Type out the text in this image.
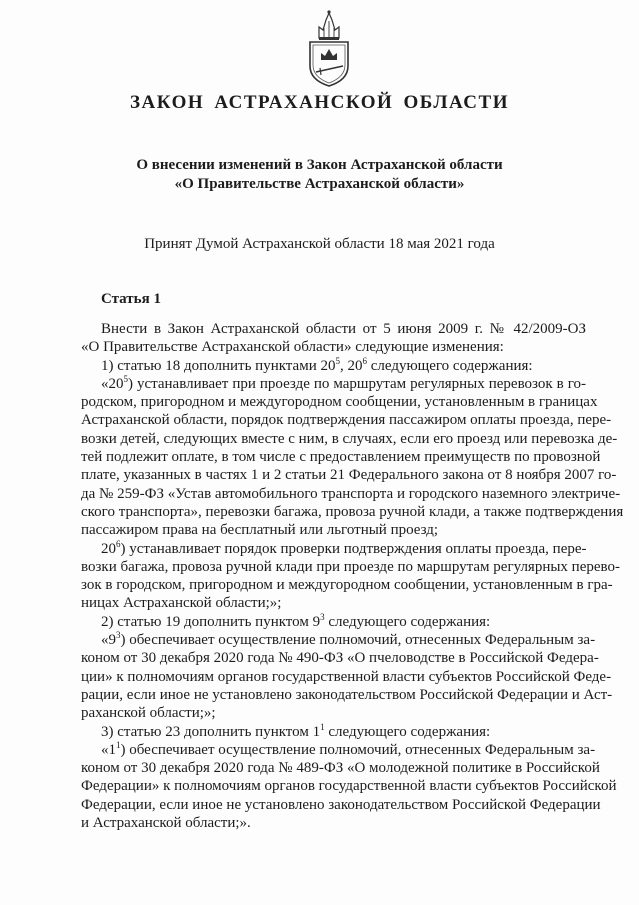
ЗАКОН АСТРАХАНСКОЙ ОБЛАСТИ
О внесении изменений в Закон Астраханской области
«О Правительстве Астраханской области»
Принят Думой Астраханской области 18 мая 2021 года
Статья 1
Внести в Закон Астраханской области от 5 июня 2009 г. № 42/2009-ОЗ
«О Правительстве Астраханской области» следующие изменения:
1) статью 18 дополнить пунктами $20^5$, $20^6$ следующего содержания:
«$20^5$) устанавливает при проезде по маршрутам регулярных перевозок в го-
родском, пригородном и междугородном сообщении, установленным в границах
Астраханской области, порядок подтверждения пассажиром оплаты проезда, пере-
возки детей, следующих вместе с ним, в случаях, если его проезд или перевозка де-
тей подлежит оплате, в том числе с предоставлением преимуществ по провозной
плате, указанных в частях 1 и 2 статьи 21 Федерального закона от 8 ноября 2007 го-
да № 259-ФЗ «Устав автомобильного транспорта и городского наземного электриче-
ского транспорта», перевозки багажа, провоза ручной клади, а также подтверждения
пассажиром права на бесплатный или льготный проезд;
$20^6$) устанавливает порядок проверки подтверждения оплаты проезда, пере-
возки багажа, провоза ручной клади при проезде по маршрутам регулярных перево-
зок в городском, пригородном и междугородном сообщении, установленным в гра-
ницах Астраханской области;»;
2) статью 19 дополнить пунктом $9^3$ следующего содержания:
«$9^3$) обеспечивает осуществление полномочий, отнесенных Федеральным за-
коном от 30 декабря 2020 года № 490-ФЗ «О пчеловодстве в Российской Федера-
ции» к полномочиям органов государственной власти субъектов Российской Феде-
рации, если иное не установлено законодательством Российской Федерации и Аст-
раханской области;»;
3) статью 23 дополнить пунктом $1^1$ следующего содержания:
«$1^1$) обеспечивает осуществление полномочий, отнесенных Федеральным за-
коном от 30 декабря 2020 года № 489-ФЗ «О молодежной политике в Российской
Федерации» к полномочиям органов государственной власти субъектов Российской
Федерации, если иное не установлено законодательством Российской Федерации
и Астраханской области;».
